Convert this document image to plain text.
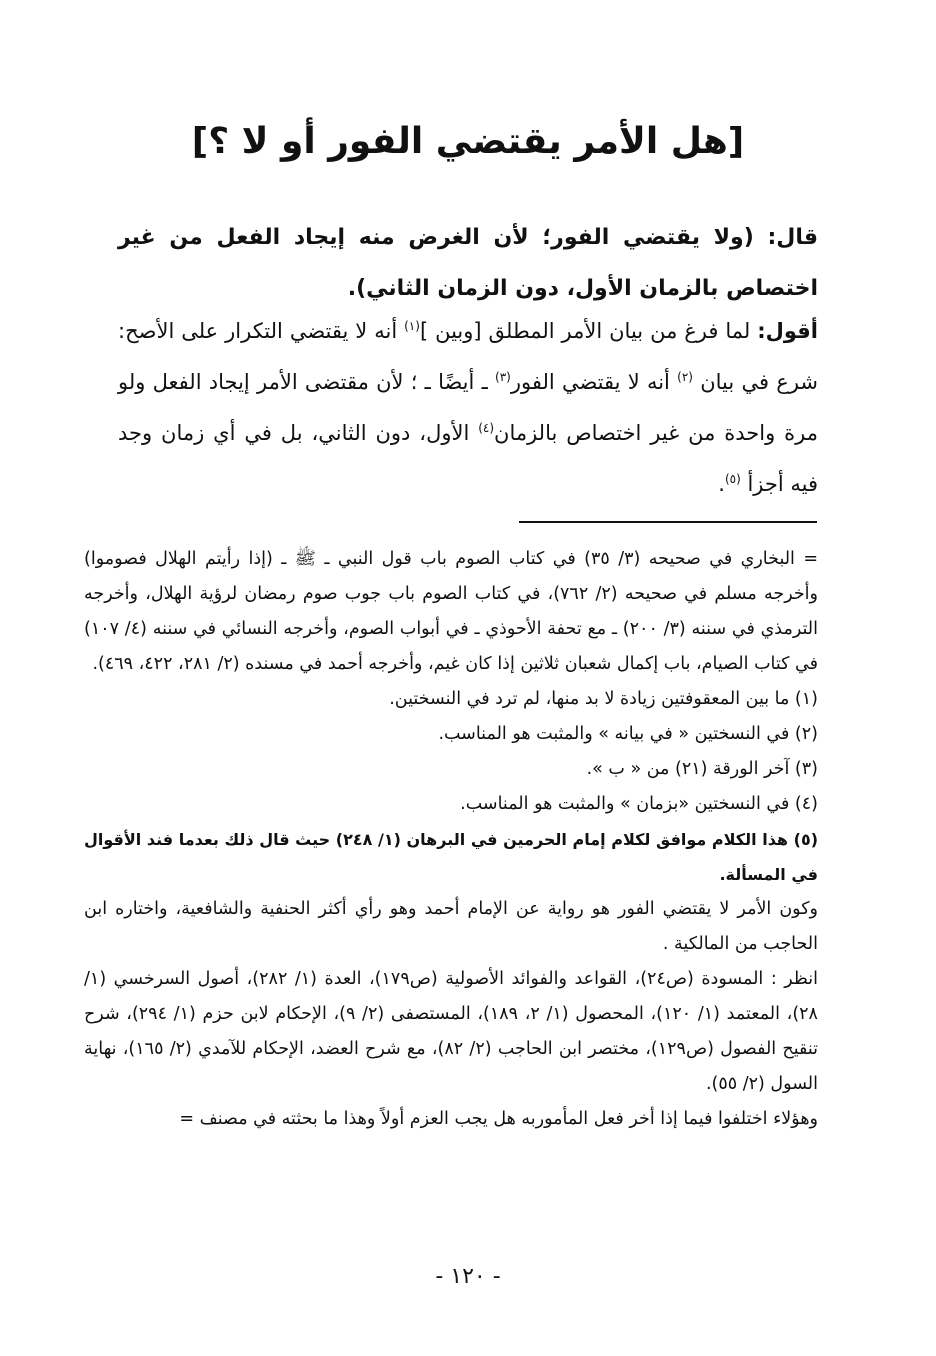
[هل الأمر يقتضي الفور أو لا ؟]
قال: (ولا يقتضي الفور؛ لأن الغرض منه إيجاد الفعل من غير اختصاص بالزمان الأول، دون الزمان الثاني).
أقول: لما فرغ من بيان الأمر المطلق [وبين ]$^{(١)}$ أنه لا يقتضي التكرار على الأصح: شرع في بيان $^{(٢)}$ أنه لا يقتضي الفور$^{(٣)}$ ـ أيضًا ـ ؛ لأن مقتضى الأمر إيجاد الفعل ولو مرة واحدة من غير اختصاص بالزمان$^{(٤)}$ الأول، دون الثاني، بل في أي زمان وجد فيه أجزأ $^{(٥)}$.

= البخاري في صحيحه (٣/ ٣٥) في كتاب الصوم باب قول النبي ـ ﷺ ـ (إذا رأيتم الهلال فصوموا) وأخرجه مسلم في صحيحه (٢/ ٧٦٢)، في كتاب الصوم باب جوب صوم رمضان لرؤية الهلال، وأخرجه الترمذي في سننه (٣/ ٢٠٠) ـ مع تحفة الأحوذي ـ في أبواب الصوم، وأخرجه النسائي في سننه (٤/ ١٠٧) في كتاب الصيام، باب إكمال شعبان ثلاثين إذا كان غيم، وأخرجه أحمد في مسنده (٢/ ٢٨١، ٤٢٢، ٤٦٩).

(١) ما بين المعقوفتين زيادة لا بد منها، لم ترد في النسختين.

(٢) في النسختين « في بيانه » والمثبت هو المناسب.

(٣) آخر الورقة (٢١) من « ب ».

(٤) في النسختين «بزمان » والمثبت هو المناسب.

(٥) هذا الكلام موافق لكلام إمام الحرمين في البرهان (١/ ٢٤٨) حيث قال ذلك بعدما فند الأقوال في المسألة.

وكون الأمر لا يقتضي الفور هو رواية عن الإمام أحمد وهو رأي أكثر الحنفية والشافعية، واختاره ابن الحاجب من المالكية .

انظر : المسودة (ص٢٤)، القواعد والفوائد الأصولية (ص١٧٩)، العدة (١/ ٢٨٢)، أصول السرخسي (١/ ٢٨)، المعتمد (١/ ١٢٠)، المحصول (١/ ٢، ١٨٩)، المستصفى (٢/ ٩)، الإحكام لابن حزم (١/ ٢٩٤)، شرح تنقيح الفصول (ص١٢٩)، مختصر ابن الحاجب (٢/ ٨٢)، مع شرح العضد، الإحكام للآمدي (٢/ ١٦٥)، نهاية السول (٢/ ٥٥).

وهؤلاء اختلفوا فيما إذا أخر فعل المأموربه هل يجب العزم أولاً وهذا ما بحثته في مصنف =

- ١٢٠ -
